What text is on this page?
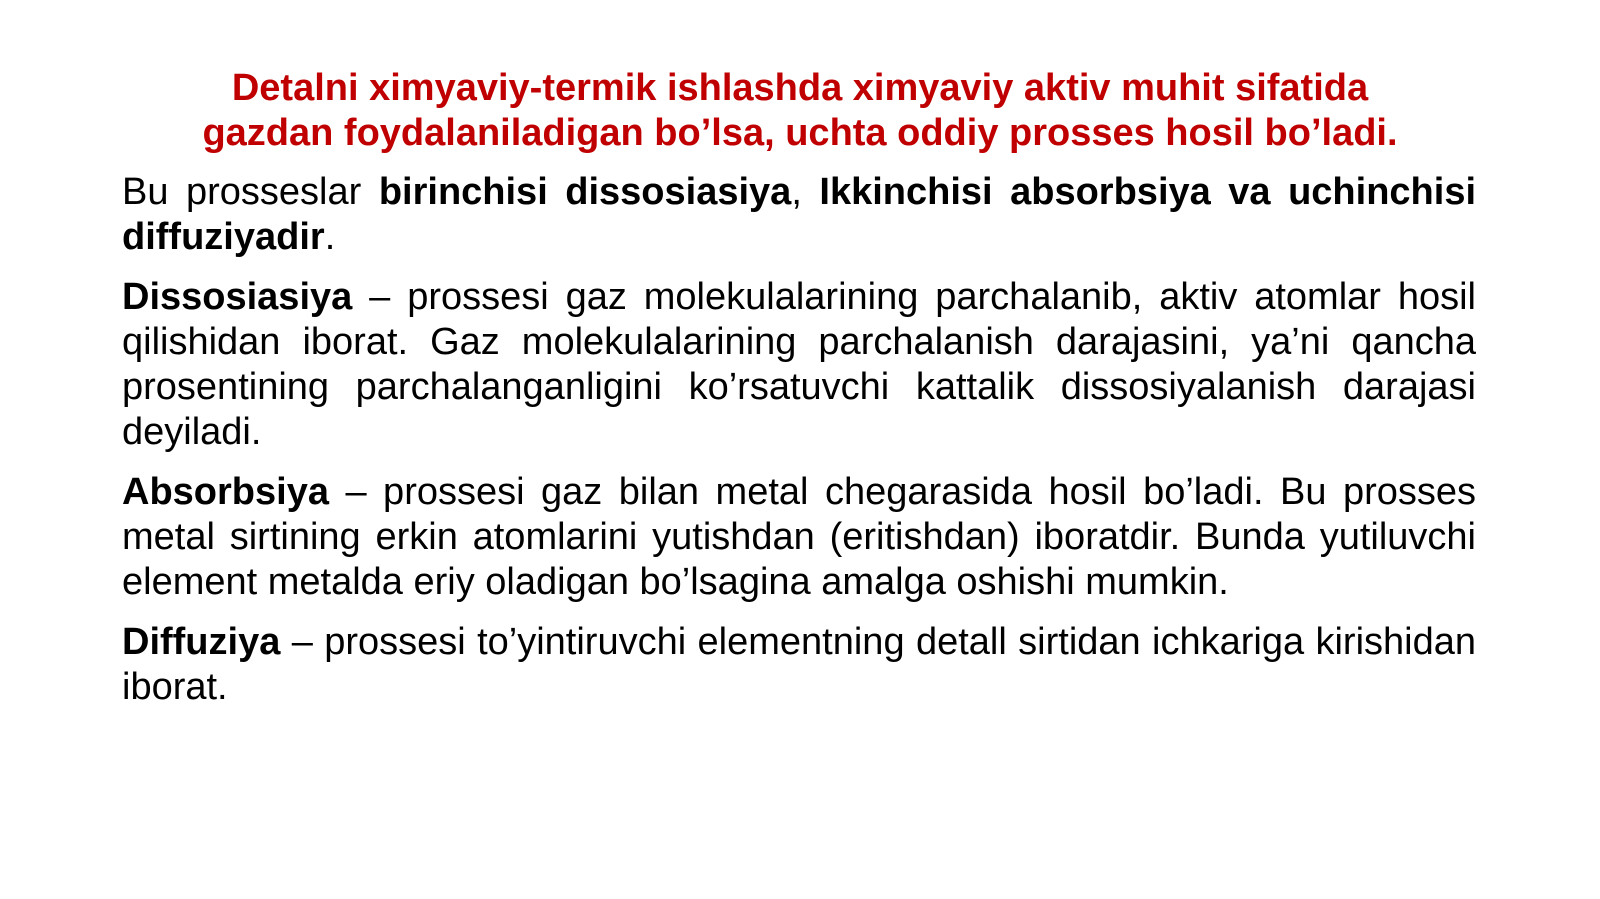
Detalni ximyaviy-termik ishlashda ximyaviy aktiv muhit sifatida
gazdan foydalaniladigan bo’lsa, uchta oddiy prosses hosil bo’ladi.

Bu prosseslar birinchisi dissosiasiya, Ikkinchisi absorbsiya va uchinchisi diffuziyadir.

Dissosiasiya – prossesi gaz molekulalarining parchalanib, aktiv atomlar hosil qilishidan iborat. Gaz molekulalarining parchalanish darajasini, ya’ni qancha prosentining parchalanganligini ko’rsatuvchi kattalik dissosiyalanish darajasi deyiladi.

Absorbsiya – prossesi gaz bilan metal chegarasida hosil bo’ladi. Bu prosses metal sirtining erkin atomlarini yutishdan (eritishdan) iboratdir. Bunda yutiluvchi element metalda eriy oladigan bo’lsagina amalga oshishi mumkin.

Diffuziya – prossesi to’yintiruvchi elementning detall sirtidan ichkariga kirishidan iborat.
